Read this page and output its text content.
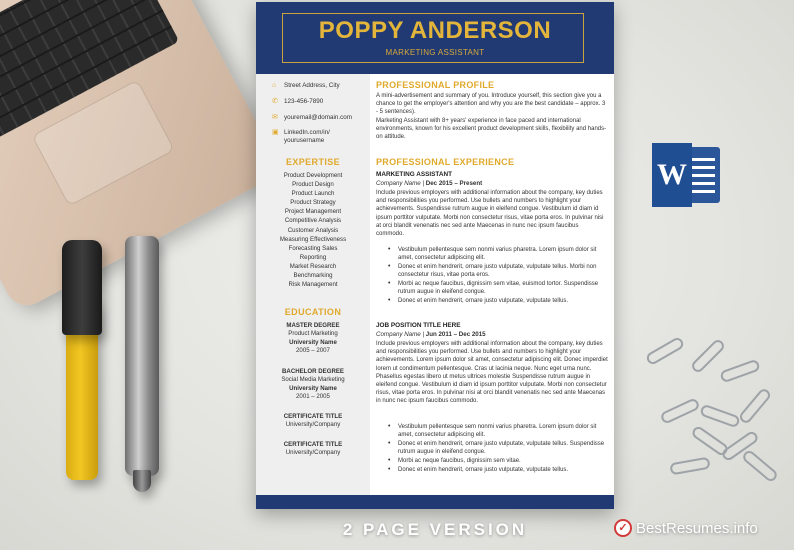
W
POPPY ANDERSON
MARKETING ASSISTANT
⌂	Street Address, City
✆ 123-456-7890
✉ youremail@domain.com
▣ LinkedIn.com/in/
yourusername
EXPERTISE
Product Development
Product Design
Product Launch
Product Strategy
Project Management
Competitive Analysis
Customer Analysis
Measuring Effectiveness
Forecasting Sales
Reporting
Market Research
Benchmarking
Risk Management
EDUCATION
MASTER DEGREE
Product Marketing
University Name
2005 – 2007
BACHELOR DEGREE
Social Media Marketing
University Name
2001 – 2005
CERTIFICATE TITLE
University/Company
CERTIFICATE TITLE
University/Company
PROFESSIONAL PROFILE
A mini-advertisement and summary of you. Introduce yourself, this section give you a chance to get the employer's attention and why you are the best candidate – approx. 3 - 5 sentences).
Marketing Assistant with 8+ years' experience in face paced and international environments, known for his excellent product development skills, flexibility and hands-on attitude.
PROFESSIONAL EXPERIENCE
MARKETING ASSISTANT
Company Name | Dec 2015 – Present
Include previous employers with additional information about the company, key duties and responsibilities you performed. Use bullets and numbers to highlight your achievements. Suspendisse rutrum augue in eleifend congue. Vestibulum id diam id ipsum porttitor vulputate. Morbi non consectetur risus, vitae porta eros. In pulvinar nisi at orci blandit venenatis nec sed ante Maecenas in nunc nec ipsum faucibus commodo.
• Vestibulum pellentesque sem nonmi varius pharetra. Lorem ipsum dolor sit amet, consectetur adipiscing elit.
• Donec et enim hendrerit, ornare justo vulputate, vulputate tellus. Morbi non consectetur risus, vitae porta eros.
• Morbi ac neque faucibus, dignissim sem vitae, euismod tortor. Suspendisse rutrum augue in eleifend congue.
• Donec et enim hendrerit, ornare justo vulputate, vulputate tellus.
JOB POSITION TITLE HERE
Company Name | Jun 2011 – Dec 2015
Include previous employers with additional information about the company, key duties and responsibilities you performed. Use bullets and numbers to highlight your achievements. Lorem ipsum dolor sit amet, consectetur adipiscing elit. Donec imperdiet lorem ut condimentum pellentesque. Cras ut lacinia neque. Nunc eget urna nunc. Phasellus egestas libero ut metus ultrices molestie Suspendisse rutrum augue in eleifend congue. Vestibulum id diam id ipsum porttitor vulputate. Morbi non consectetur risus, vitae porta eros. In pulvinar nisi at orci blandit venenatis nec sed ante Maecenas in nunc nec ipsum faucibus commodo.
• Vestibulum pellentesque sem nonmi varius pharetra. Lorem ipsum dolor sit amet, consectetur adipiscing elit.
• Donec et enim hendrerit, ornare justo vulputate, vulputate tellus. Suspendisse rutrum augue in eleifend congue.
• Morbi ac neque faucibus, dignissim sem vitae.
• Donec et enim hendrerit, ornare justo vulputate, vulputate tellus.
2 PAGE VERSION	✓ BestResumes.info
